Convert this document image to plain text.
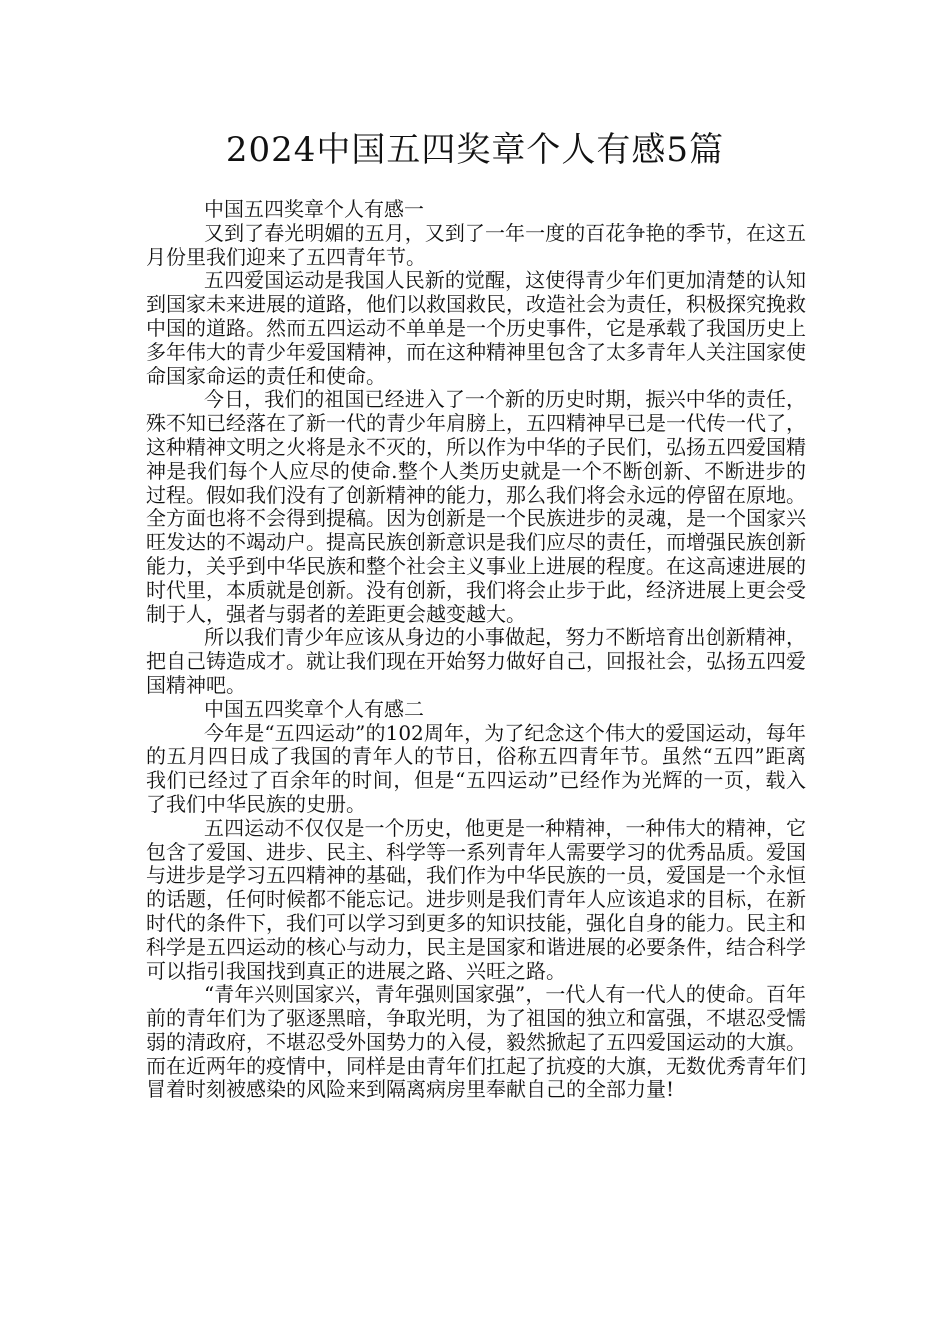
2024中国五四奖章个人有感5篇

中国五四奖章个人有感一

又到了春光明媚的五月，又到了一年一度的百花争艳的季节，在这五月份里我们迎来了五四青年节。

五四爱国运动是我国人民新的觉醒，这使得青少年们更加清楚的认知到国家未来进展的道路，他们以救国救民，改造社会为责任，积极探究挽救中国的道路。然而五四运动不单单是一个历史事件，它是承载了我国历史上多年伟大的青少年爱国精神，而在这种精神里包含了太多青年人关注国家使命国家命运的责任和使命。

今日，我们的祖国已经进入了一个新的历史时期，振兴中华的责任，殊不知已经落在了新一代的青少年肩膀上，五四精神早已是一代传一代了，这种精神文明之火将是永不灭的，所以作为中华的子民们，弘扬五四爱国精神是我们每个人应尽的使命.整个人类历史就是一个不断创新、不断进步的过程。假如我们没有了创新精神的能力，那么我们将会永远的停留在原地。全方面也将不会得到提稿。因为创新是一个民族进步的灵魂，是一个国家兴旺发达的不竭动户。提高民族创新意识是我们应尽的责任，而增强民族创新能力，关乎到中华民族和整个社会主义事业上进展的程度。在这高速进展的时代里，本质就是创新。没有创新，我们将会止步于此，经济进展上更会受制于人，强者与弱者的差距更会越变越大。

所以我们青少年应该从身边的小事做起，努力不断培育出创新精神，把自己铸造成才。就让我们现在开始努力做好自己，回报社会，弘扬五四爱国精神吧。

中国五四奖章个人有感二

今年是“五四运动”的102周年，为了纪念这个伟大的爱国运动，每年的五月四日成了我国的青年人的节日，俗称五四青年节。虽然“五四”距离我们已经过了百余年的时间，但是“五四运动”已经作为光辉的一页，载入了我们中华民族的史册。

五四运动不仅仅是一个历史，他更是一种精神，一种伟大的精神，它包含了爱国、进步、民主、科学等一系列青年人需要学习的优秀品质。爱国与进步是学习五四精神的基础，我们作为中华民族的一员，爱国是一个永恒的话题，任何时候都不能忘记。进步则是我们青年人应该追求的目标，在新时代的条件下，我们可以学习到更多的知识技能，强化自身的能力。民主和科学是五四运动的核心与动力，民主是国家和谐进展的必要条件，结合科学可以指引我国找到真正的进展之路、兴旺之路。

“青年兴则国家兴，青年强则国家强”，一代人有一代人的使命。百年前的青年们为了驱逐黑暗，争取光明，为了祖国的独立和富强，不堪忍受懦弱的清政府，不堪忍受外国势力的入侵，毅然掀起了五四爱国运动的大旗。而在近两年的疫情中，同样是由青年们扛起了抗疫的大旗，无数优秀青年们冒着时刻被感染的风险来到隔离病房里奉献自己的全部力量!
